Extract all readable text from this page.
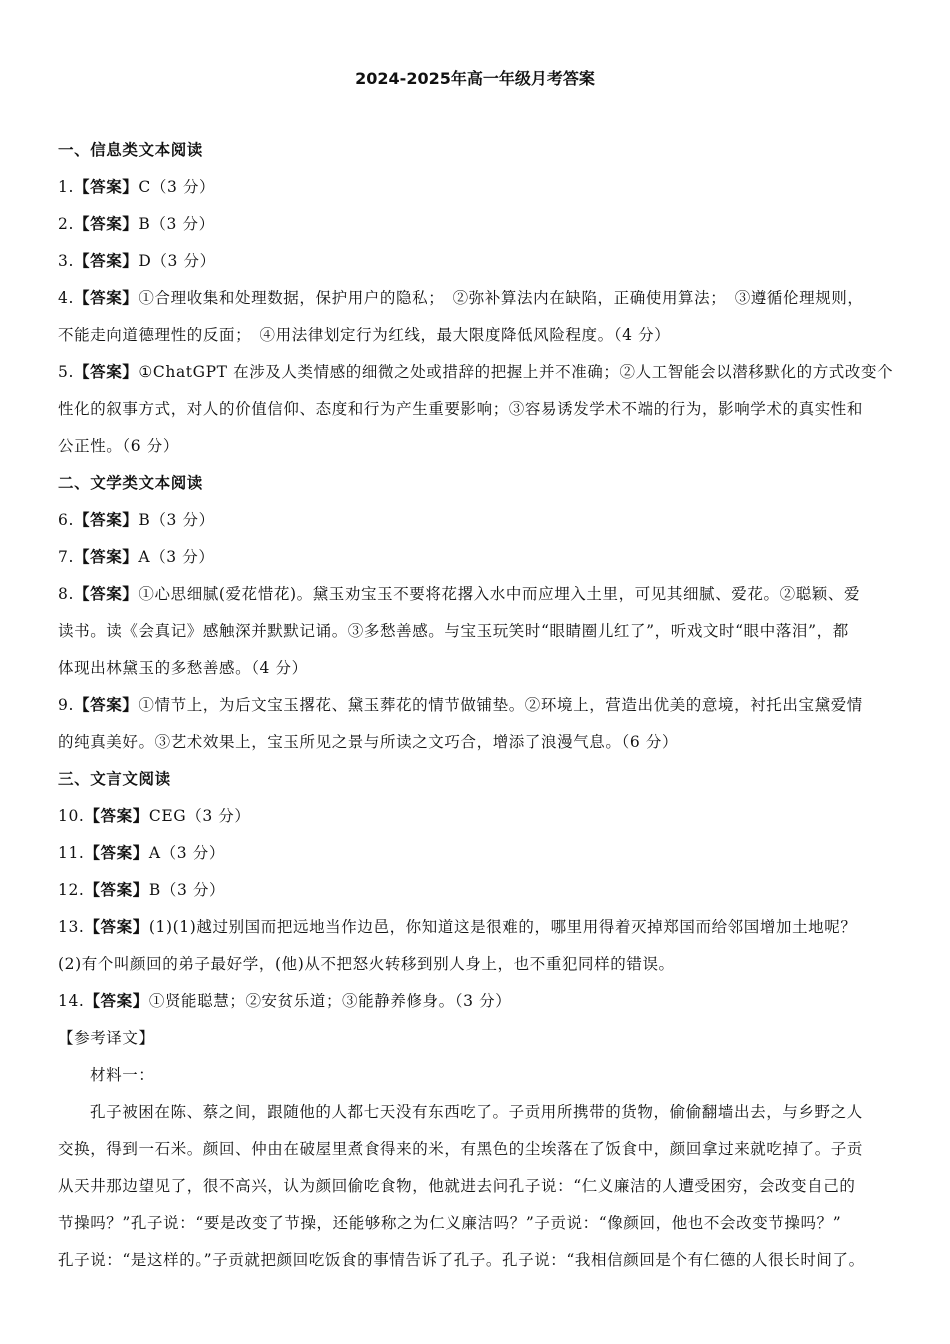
2024-2025年高一年级月考答案
一、信息类文本阅读
1.【答案】C（3 分）
2.【答案】B（3 分）
3.【答案】D（3 分）
4.【答案】①合理收集和处理数据，保护用户的隐私；　②弥补算法内在缺陷，正确使用算法；　③遵循伦理规则，
不能走向道德理性的反面；　④用法律划定行为红线，最大限度降低风险程度。（4 分）
5.【答案】①ChatGPT 在涉及人类情感的细微之处或措辞的把握上并不准确；②人工智能会以潜移默化的方式改变个
性化的叙事方式，对人的价值信仰、态度和行为产生重要影响；③容易诱发学术不端的行为，影响学术的真实性和
公正性。（6 分）
二、文学类文本阅读
6.【答案】B（3 分）
7.【答案】A（3 分）
8.【答案】①心思细腻(爱花惜花)。黛玉劝宝玉不要将花撂入水中而应埋入土里，可见其细腻、爱花。②聪颖、爱
读书。读《会真记》感触深并默默记诵。③多愁善感。与宝玉玩笑时“眼睛圈儿红了”，听戏文时“眼中落泪”，都
体现出林黛玉的多愁善感。（4 分）
9.【答案】①情节上，为后文宝玉撂花、黛玉葬花的情节做铺垫。②环境上，营造出优美的意境，衬托出宝黛爱情
的纯真美好。③艺术效果上，宝玉所见之景与所读之文巧合，增添了浪漫气息。（6 分）
三、文言文阅读
10.【答案】CEG（3 分）
11.【答案】A（3 分）
12.【答案】B（3 分）
13.【答案】(1)(1)越过别国而把远地当作边邑，你知道这是很难的，哪里用得着灭掉郑国而给邻国增加土地呢？
(2)有个叫颜回的弟子最好学，(他)从不把怒火转移到别人身上，也不重犯同样的错误。
14.【答案】①贤能聪慧；②安贫乐道；③能静养修身。（3 分）
【参考译文】
材料一：
孔子被困在陈、蔡之间，跟随他的人都七天没有东西吃了。子贡用所携带的货物，偷偷翻墙出去，与乡野之人
交换，得到一石米。颜回、仲由在破屋里煮食得来的米，有黑色的尘埃落在了饭食中，颜回拿过来就吃掉了。子贡
从天井那边望见了，很不高兴，认为颜回偷吃食物，他就进去问孔子说：“仁义廉洁的人遭受困穷，会改变自己的
节操吗？”孔子说：“要是改变了节操，还能够称之为仁义廉洁吗？”子贡说：“像颜回，他也不会改变节操吗？”
孔子说：“是这样的。”子贡就把颜回吃饭食的事情告诉了孔子。孔子说：“我相信颜回是个有仁德的人很长时间了。
